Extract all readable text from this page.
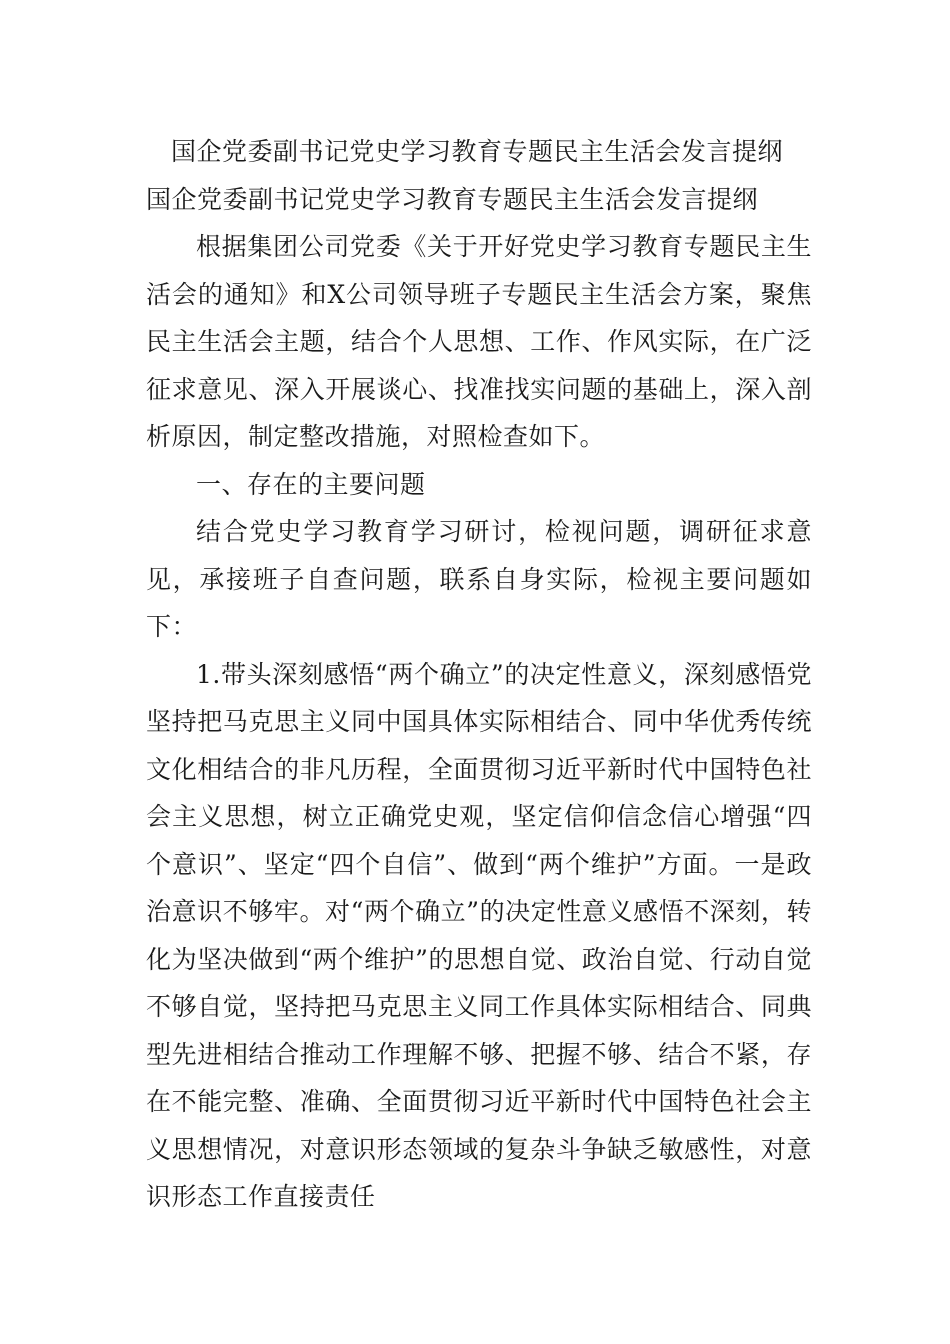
国企党委副书记党史学习教育专题民主生活会发言提纲
国企党委副书记党史学习教育专题民主生活会发言提纲

根据集团公司党委《关于开好党史学习教育专题民主生活会的通知》和X公司领导班子专题民主生活会方案，聚焦民主生活会主题，结合个人思想、工作、作风实际，在广泛征求意见、深入开展谈心、找准找实问题的基础上，深入剖析原因，制定整改措施，对照检查如下。

一、存在的主要问题

结合党史学习教育学习研讨，检视问题，调研征求意见，承接班子自查问题，联系自身实际，检视主要问题如下：

1.带头深刻感悟“两个确立”的决定性意义，深刻感悟党坚持把马克思主义同中国具体实际相结合、同中华优秀传统文化相结合的非凡历程，全面贯彻习近平新时代中国特色社会主义思想，树立正确党史观，坚定信仰信念信心增强“四个意识”、坚定“四个自信”、做到“两个维护”方面。一是政治意识不够牢。对“两个确立”的决定性意义感悟不深刻，转化为坚决做到“两个维护”的思想自觉、政治自觉、行动自觉不够自觉，坚持把马克思主义同工作具体实际相结合、同典型先进相结合推动工作理解不够、把握不够、结合不紧，存在不能完整、准确、全面贯彻习近平新时代中国特色社会主义思想情况，对意识形态领域的复杂斗争缺乏敏感性，对意识形态工作直接责任
